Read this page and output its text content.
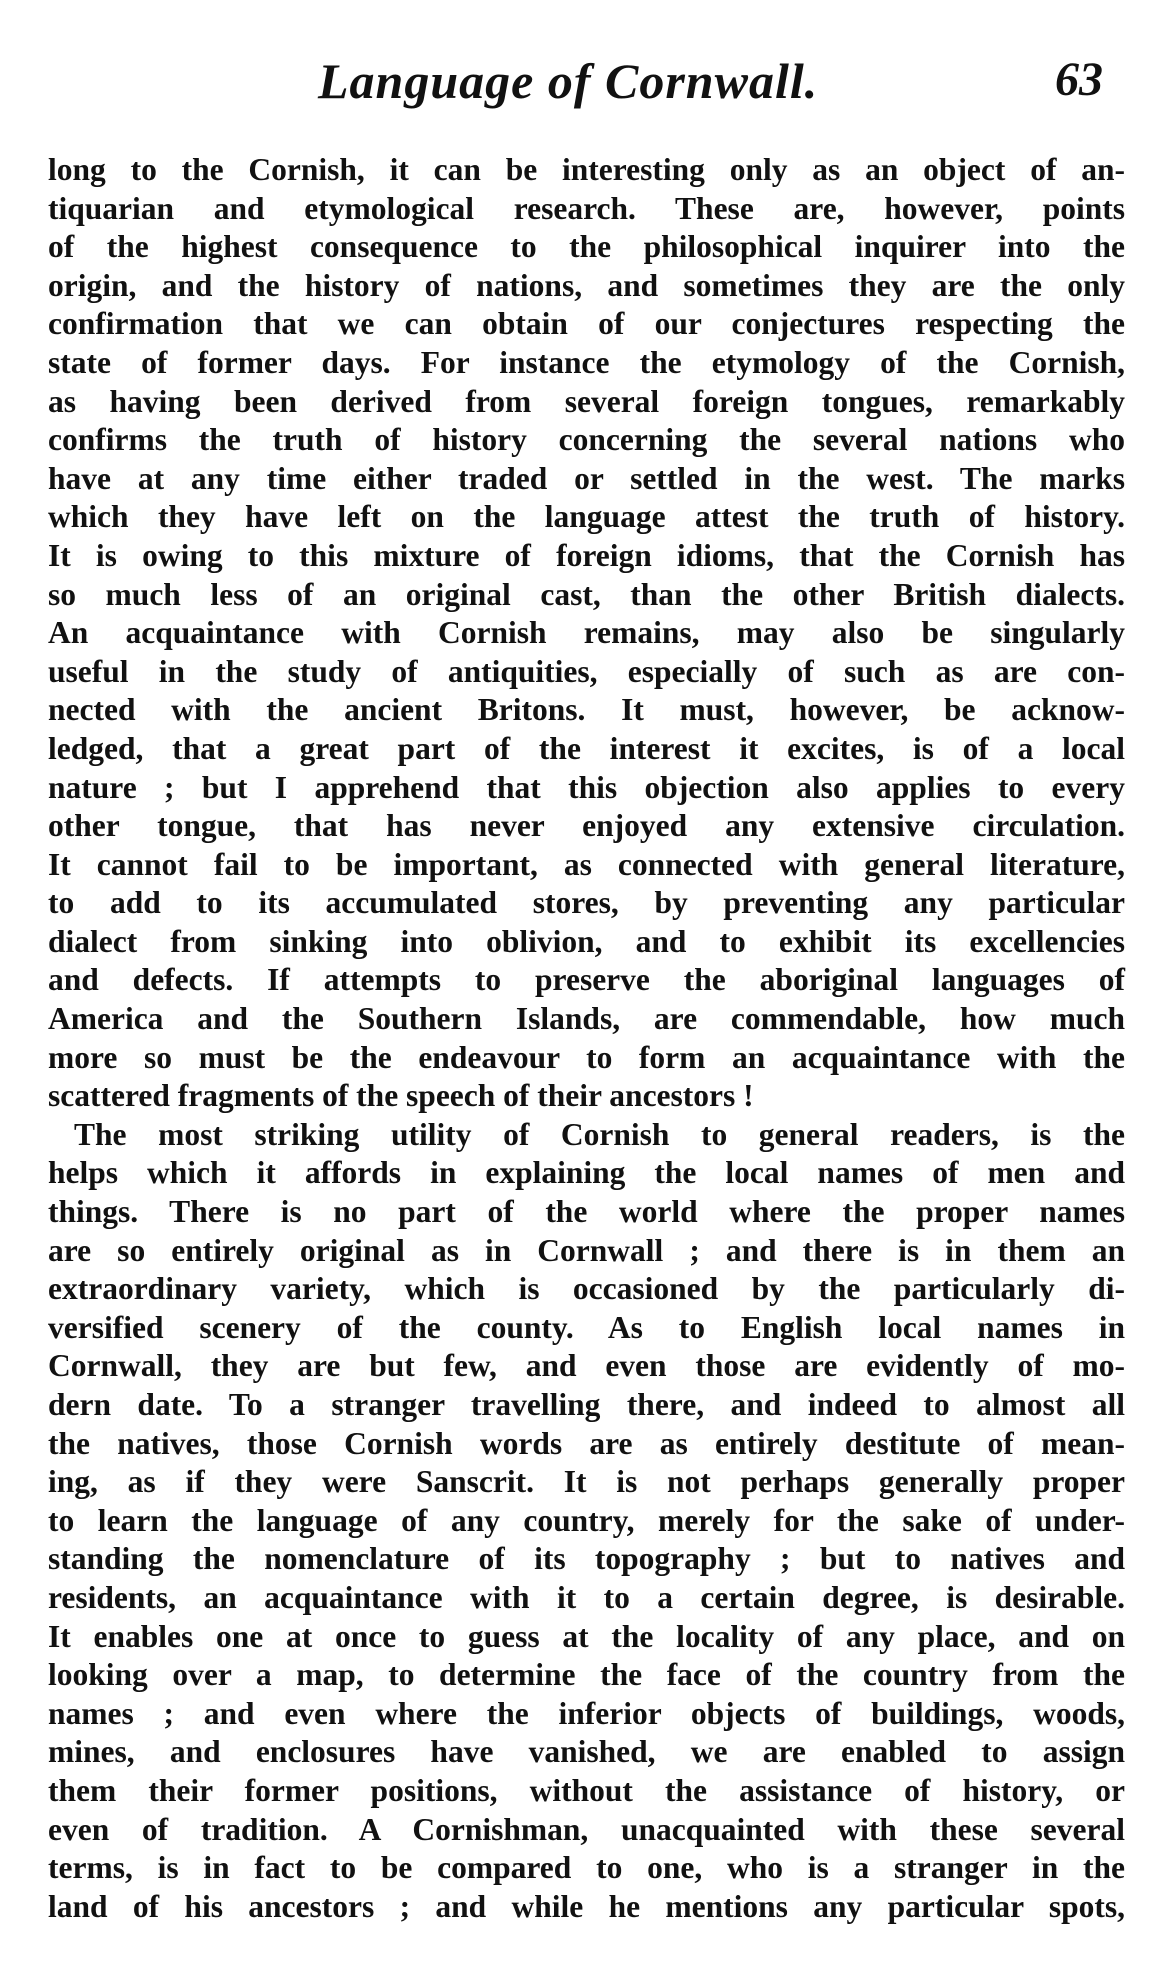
Language of Cornwall.	63
long to the Cornish, it can be interesting only as an object of an-
tiquarian and etymological research. These are, however, points
of the highest consequence to the philosophical inquirer into the
origin, and the history of nations, and sometimes they are the only
confirmation that we can obtain of our conjectures respecting the
state of former days. For instance the etymology of the Cornish,
as having been derived from several foreign tongues, remarkably
confirms the truth of history concerning the several nations who
have at any time either traded or settled in the west. The marks
which they have left on the language attest the truth of history.
It is owing to this mixture of foreign idioms, that the Cornish has
so much less of an original cast, than the other British dialects.
An acquaintance with Cornish remains, may also be singularly
useful in the study of antiquities, especially of such as are con-
nected with the ancient Britons. It must, however, be acknow-
ledged, that a great part of the interest it excites, is of a local
nature ; but I apprehend that this objection also applies to every
other tongue, that has never enjoyed any extensive circulation.
It cannot fail to be important, as connected with general literature,
to add to its accumulated stores, by preventing any particular
dialect from sinking into oblivion, and to exhibit its excellencies
and defects. If attempts to preserve the aboriginal languages of
America and the Southern Islands, are commendable, how much
more so must be the endeavour to form an acquaintance with the
scattered fragments of the speech of their ancestors !
The most striking utility of Cornish to general readers, is the
helps which it affords in explaining the local names of men and
things. There is no part of the world where the proper names
are so entirely original as in Cornwall ; and there is in them an
extraordinary variety, which is occasioned by the particularly di-
versified scenery of the county. As to English local names in
Cornwall, they are but few, and even those are evidently of mo-
dern date. To a stranger travelling there, and indeed to almost all
the natives, those Cornish words are as entirely destitute of mean-
ing, as if they were Sanscrit. It is not perhaps generally proper
to learn the language of any country, merely for the sake of under-
standing the nomenclature of its topography ; but to natives and
residents, an acquaintance with it to a certain degree, is desirable.
It enables one at once to guess at the locality of any place, and on
looking over a map, to determine the face of the country from the
names ; and even where the inferior objects of buildings, woods,
mines, and enclosures have vanished, we are enabled to assign
them their former positions, without the assistance of history, or
even of tradition. A Cornishman, unacquainted with these several
terms, is in fact to be compared to one, who is a stranger in the
land of his ancestors ; and while he mentions any particular spots,
